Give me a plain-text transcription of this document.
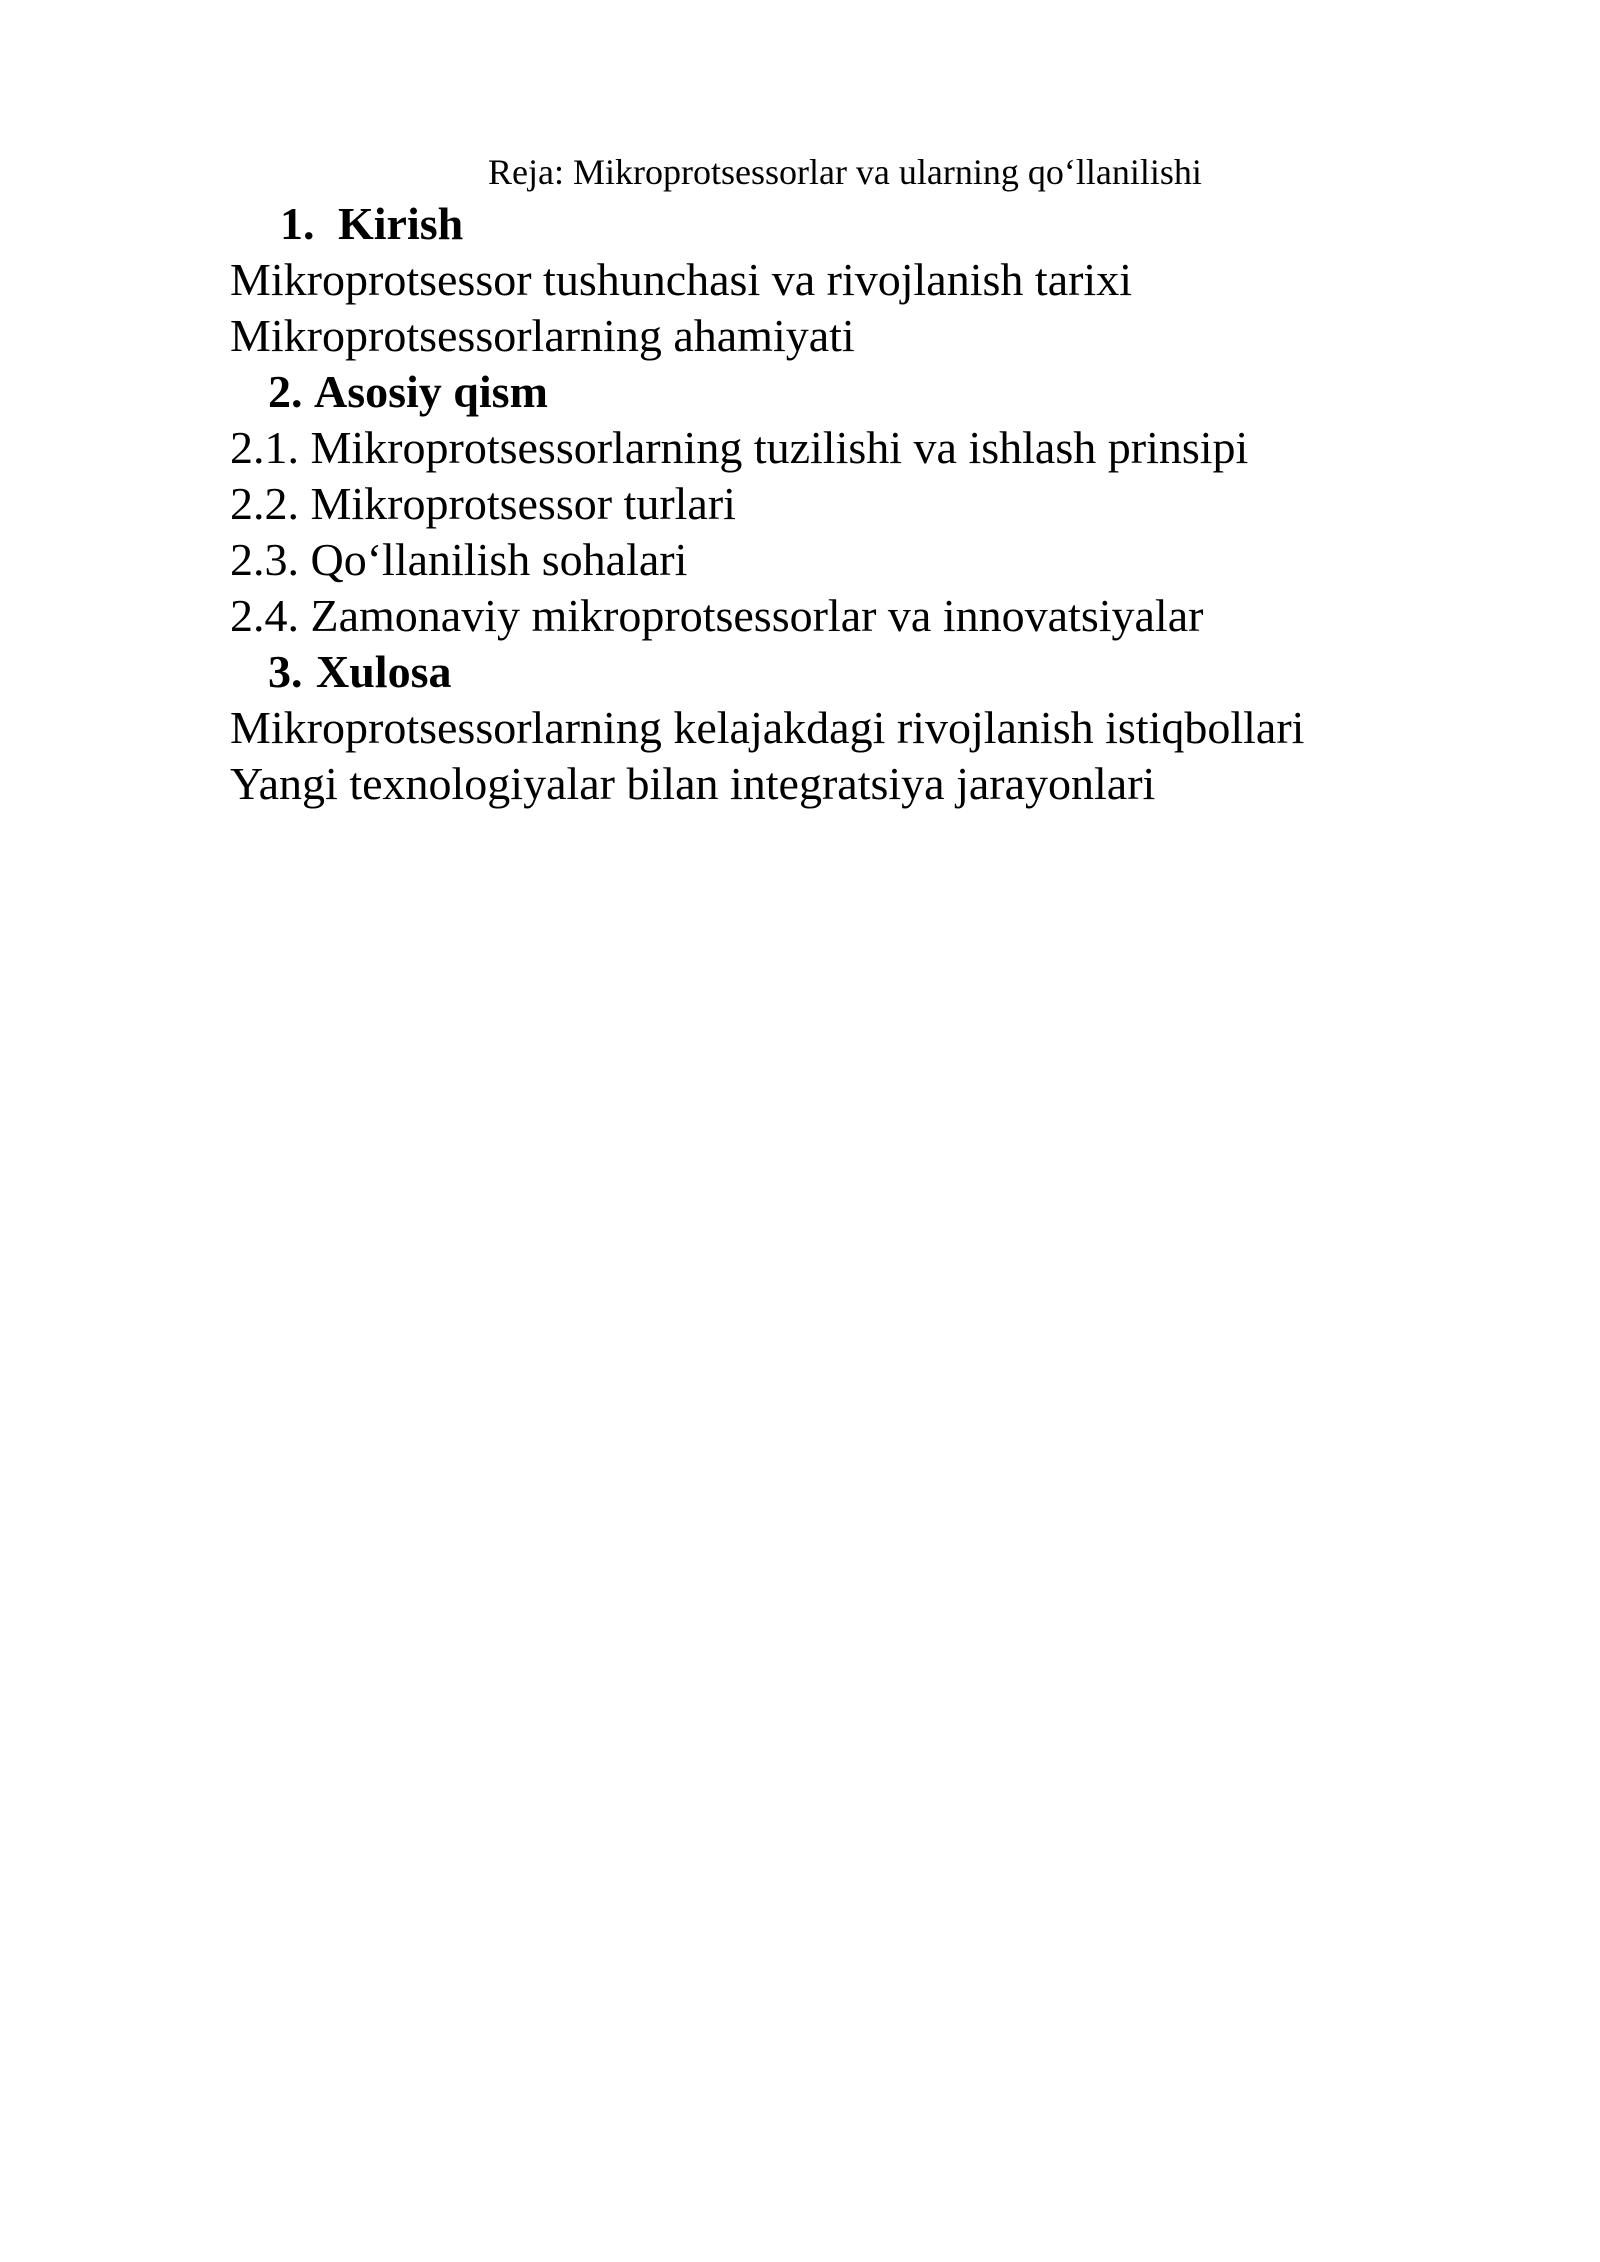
Reja: Mikroprotsessorlar va ularning qo‘llanilishi
1. Kirish
Mikroprotsessor tushunchasi va rivojlanish tarixi
Mikroprotsessorlarning ahamiyati
2. Asosiy qism
2.1. Mikroprotsessorlarning tuzilishi va ishlash prinsipi
2.2. Mikroprotsessor turlari
2.3. Qo‘llanilish sohalari
2.4. Zamonaviy mikroprotsessorlar va innovatsiyalar
3. Xulosa
Mikroprotsessorlarning kelajakdagi rivojlanish istiqbollari
Yangi texnologiyalar bilan integratsiya jarayonlari
